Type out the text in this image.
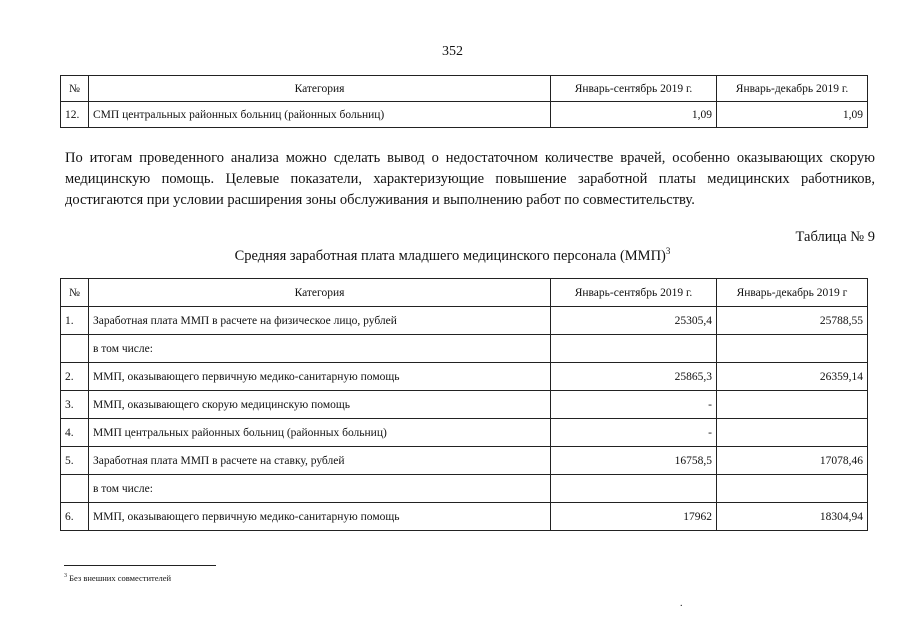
352
№	Категория	Январь-сентябрь 2019 г.	Январь-декабрь 2019 г.
12.	СМП центральных районных больниц (районных больниц)	1,09	1,09

По итогам проведенного анализа можно сделать вывод о недостаточном количестве врачей, особенно оказывающих скорую медицинскую помощь. Целевые показатели, характеризующие повышение заработной платы медицинских работников, достигаются при условии расширения зоны обслуживания и выполнению работ по совместительству.

Таблица № 9
Средняя заработная плата младшего медицинского персонала (ММП)$^3$
№	Категория	Январь-сентябрь 2019 г.	Январь-декабрь 2019 г
1.	Заработная плата ММП в расчете на физическое лицо, рублей	25305,4	25788,55
	в том числе:		
2.	ММП, оказывающего первичную медико-санитарную помощь	25865,3	26359,14
3.	ММП, оказывающего скорую медицинскую помощь	-	
4.	ММП центральных районных больниц (районных больниц)	-	
5.	Заработная плата ММП в расчете на ставку, рублей	16758,5	17078,46
	в том числе:		
6.	ММП, оказывающего первичную медико-санитарную помощь	17962	18304,94
$^3$ Без внешних совместителей
.
